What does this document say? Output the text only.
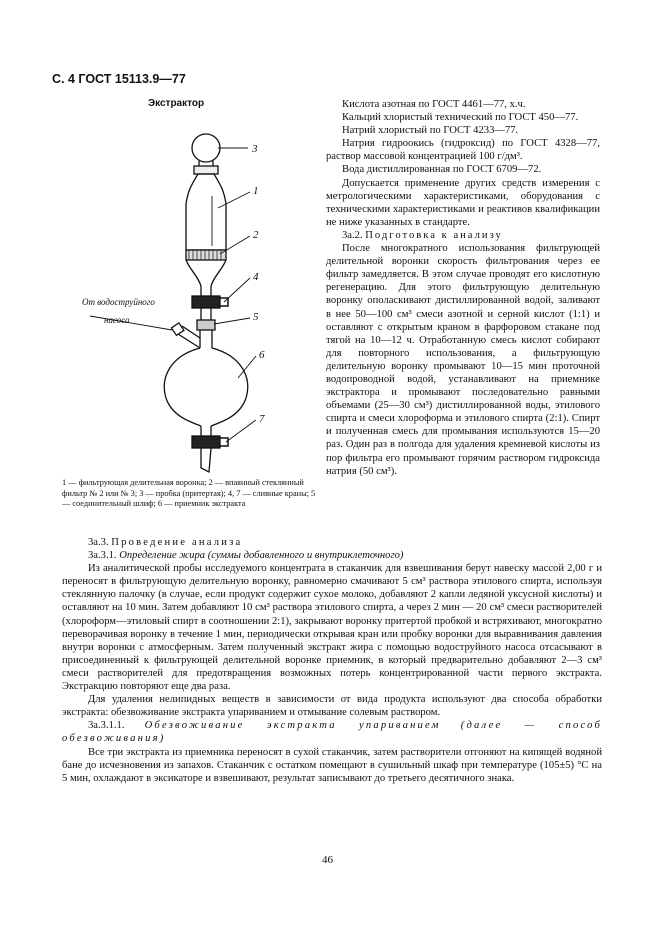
С. 4 ГОСТ 15113.9—77
Экстрактор
3
1
2
4
5
6
7
От водоструйного
насоса
1 — фильтрующая делительная воронка; 2 — впаянный стеклянный фильтр № 2 или № 3; 3 — пробка (притертая); 4, 7 — сливные краны; 5 — соединительный шлиф; 6 — приемник экстракта

Кислота азотная по ГОСТ 4461—77, х.ч.

Кальций хлористый технический по ГОСТ 450—77.

Натрий хлористый по ГОСТ 4233—77.

Натрия гидроокись (гидроксид) по ГОСТ 4328—77, раствор массовой концентрацией 100 г/дм³.

Вода дистиллированная по ГОСТ 6709—72.

Допускается применение других средств измерения с метрологическими характеристиками, оборудования с техническими характеристиками и реактивов квалификации не ниже указанных в стандарте.

3а.2. Подготовка к анализу

После многократного использования фильтрующей делительной воронки скорость фильтрования через ее фильтр замедляется. В этом случае проводят его кислотную регенерацию. Для этого фильтрующую делительную воронку ополаскивают дистиллированной водой, заливают в нее 50—100 см³ смеси азотной и серной кислот (1:1) и оставляют с открытым краном в фарфоровом стакане под тягой на 10—12 ч. Отработанную смесь кислот собирают для повторного использования, а фильтрующую делительную воронку промывают 10—15 мин проточной водопроводной водой, устанавливают на приемнике экстрактора и промывают последовательно равными объемами (25—30 см³) дистиллированной воды, этилового спирта и смеси хлороформа и этилового спирта (2:1). Спирт и полученная смесь для промывания используются 15—20 раз. Один раз в полгода для удаления кремневой кислоты из пор фильтра его промывают горячим раствором гидроксида натрия (50 см³).

3а.3. Проведение анализа

3а.3.1. Определение жира (суммы добавленного и внутриклеточного)

Из аналитической пробы исследуемого концентрата в стаканчик для взвешивания берут навеску массой 2,00 г и переносят в фильтрующую делительную воронку, равномерно смачивают 5 см³ раствора этилового спирта, используя стеклянную палочку (в случае, если продукт содержит сухое молоко, добавляют 2 капли ледяной уксусной кислоты) и оставляют на 10 мин. Затем добавляют 10 см³ раствора этилового спирта, а через 2 мин — 20 см³ смеси растворителей (хлороформ—этиловый спирт в соотношении 2:1), закрывают воронку притертой пробкой и встряхивают, многократно переворачивая воронку в течение 1 мин, периодически открывая кран или пробку воронки для выравнивания давления внутри воронки с атмосферным. Затем полученный экстракт жира с помощью водоструйного насоса отсасывают в присоединенный к фильтрующей делительной воронке приемник, в который предварительно добавляют 2—3 см³ смеси растворителей для предотвращения возможных потерь концентрированной части первого экстракта. Экстракцию повторяют еще два раза.

Для удаления нелипидных веществ в зависимости от вида продукта используют два способа обработки экстракта: обезвоживание экстракта упариванием и отмывание солевым раствором.

3а.3.1.1. Обезвоживание экстракта упариванием (далее — способ обезвоживания)

Все три экстракта из приемника переносят в сухой стаканчик, затем растворители отгоняют на кипящей водяной бане до исчезновения из запахов. Стаканчик с остатком помещают в сушильный шкаф при температуре (105±5) °С на 5 мин, охлаждают в эксикаторе и взвешивают, результат записывают до третьего десятичного знака.

46
